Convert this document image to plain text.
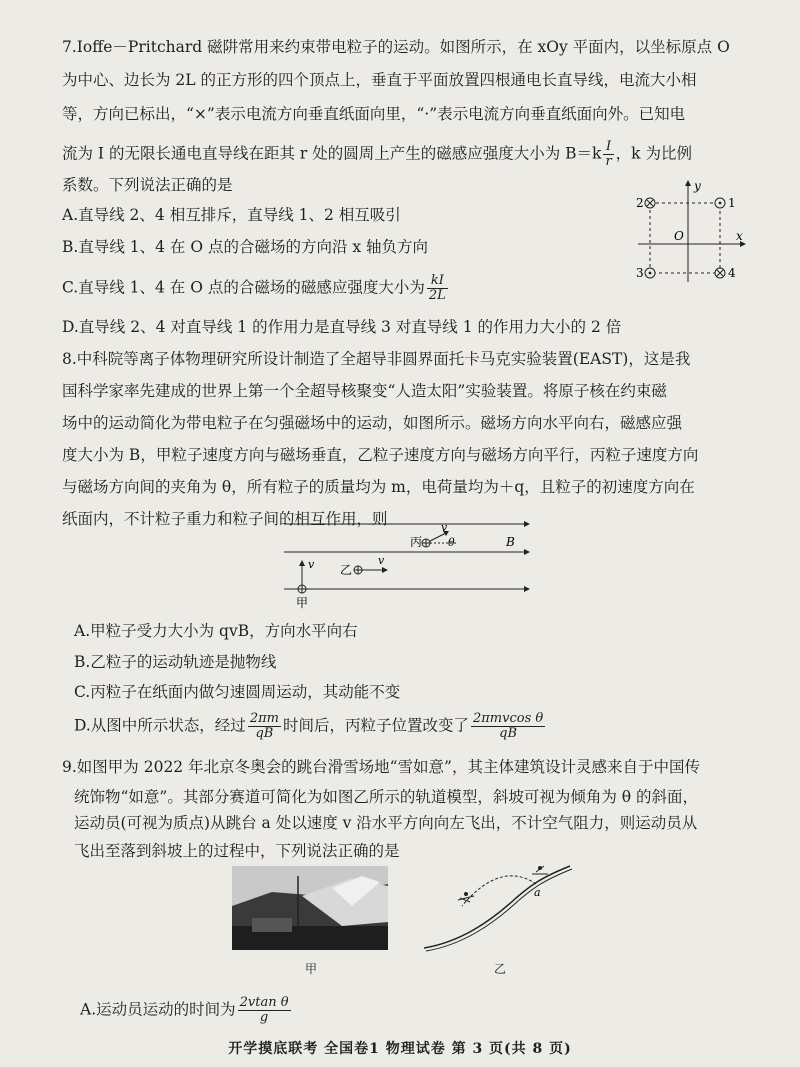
7.Ioffe－Pritchard 磁阱常用来约束带电粒子的运动。如图所示，在 xOy 平面内，以坐标原点 O
为中心、边长为 2L 的正方形的四个顶点上，垂直于平面放置四根通电长直导线，电流大小相
等，方向已标出，“×”表示电流方向垂直纸面向里，“·”表示电流方向垂直纸面向外。已知电
流为 I 的无限长通电直导线在距其 r 处的圆周上产生的磁感应强度大小为 $B=k \frac{I}{r}$ ，k 为比例
系数。下列说法正确的是
A.直导线 2、4 相互排斥，直导线 1、2 相互吸引
B.直导线 1、4 在 O 点的合磁场的方向沿 x 轴负方向
C.直导线 1、4 在 O 点的合磁场的磁感应强度大小为 $\frac{kI}{2L}$
D.直导线 2、4 对直导线 1 的作用力是直导线 3 对直导线 1 的作用力大小的 2 倍
2	1
3	4
y
x
O
8.中科院等离子体物理研究所设计制造了全超导非圆界面托卡马克实验装置(EAST)，这是我
国科学家率先建成的世界上第一个全超导核聚变“人造太阳”实验装置。将原子核在约束磁
场中的运动简化为带电粒子在匀强磁场中的运动，如图所示。磁场方向水平向右，磁感应强
度大小为 B，甲粒子速度方向与磁场垂直，乙粒子速度方向与磁场方向平行，丙粒子速度方向
与磁场方向间的夹角为 θ，所有粒子的质量均为 m，电荷量均为＋q，且粒子的初速度方向在
纸面内，不计粒子重力和粒子间的相互作用，则
丙
v
θ	B
乙
v
v
甲
A.甲粒子受力大小为 qvB，方向水平向右
B.乙粒子的运动轨迹是抛物线
C.丙粒子在纸面内做匀速圆周运动，其动能不变
D.从图中所示状态，经过 $\frac{2\pi m}{qB}$ 时间后，丙粒子位置改变了 $\frac{\text{2πmvcos θ}}{qB}$
9.如图甲为 2022 年北京冬奥会的跳台滑雪场地“雪如意”，其主体建筑设计灵感来自于中国传
统饰物“如意”。其部分赛道可简化为如图乙所示的轨道模型，斜坡可视为倾角为 θ 的斜面，
运动员(可视为质点)从跳台 a 处以速度 v 沿水平方向向左飞出，不计空气阻力，则运动员从
飞出至落到斜坡上的过程中，下列说法正确的是
甲
a
乙
A.运动员运动的时间为 $\frac{\text{2vtan θ}}{g}$
开学摸底联考 全国卷1 物理试卷 第 3 页(共 8 页)
